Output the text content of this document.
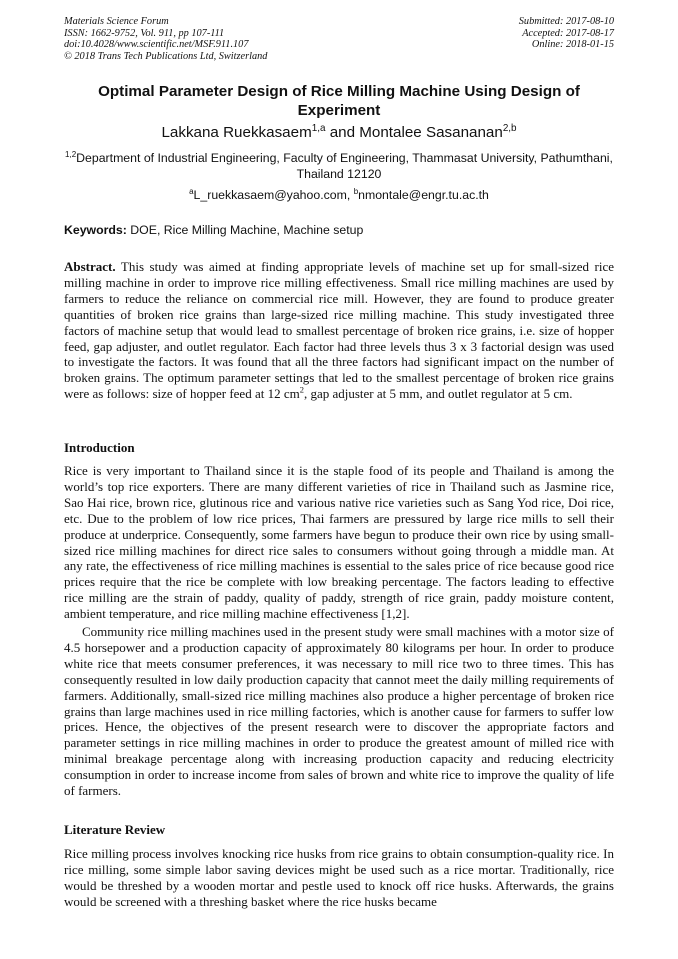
Materials Science Forum
ISSN: 1662-9752, Vol. 911, pp 107-111
doi:10.4028/www.scientific.net/MSF.911.107
© 2018 Trans Tech Publications Ltd, Switzerland
Submitted: 2017-08-10
Accepted: 2017-08-17
Online: 2018-01-15
Optimal Parameter Design of Rice Milling Machine Using Design of Experiment
Lakkana Ruekkasaem$^{1,a}$ and Montalee Sasananan$^{2,b}$
$^{1,2}$Department of Industrial Engineering, Faculty of Engineering, Thammasat University, Pathumthani, Thailand 12120
$^a$L_ruekkasaem@yahoo.com, $^b$nmontale@engr.tu.ac.th
Keywords: DOE, Rice Milling Machine, Machine setup
Abstract. This study was aimed at finding appropriate levels of machine set up for small-sized rice milling machine in order to improve rice milling effectiveness. Small rice milling machines are used by farmers to reduce the reliance on commercial rice mill. However, they are found to produce greater quantities of broken rice grains than large-sized rice milling machine. This study investigated three factors of machine setup that would lead to smallest percentage of broken rice grains, i.e. size of hopper feed, gap adjuster, and outlet regulator. Each factor had three levels thus 3 x 3 factorial design was used to investigate the factors. It was found that all the three factors had significant impact on the number of broken grains. The optimum parameter settings that led to the smallest percentage of broken rice grains were as follows: size of hopper feed at 12 $cm^2$, gap adjuster at 5 mm, and outlet regulator at 5 cm.
Introduction
Rice is very important to Thailand since it is the staple food of its people and Thailand is among the world’s top rice exporters. There are many different varieties of rice in Thailand such as Jasmine rice, Sao Hai rice, brown rice, glutinous rice and various native rice varieties such as Sang Yod rice, Doi rice, etc. Due to the problem of low rice prices, Thai farmers are pressured by large rice mills to sell their produce at underprice. Consequently, some farmers have begun to produce their own rice by using small-sized rice milling machines for direct rice sales to consumers without going through a middle man. At any rate, the effectiveness of rice milling machines is essential to the sales price of rice because good rice prices require that the rice be complete with low breaking percentage. The factors leading to effective rice milling are the strain of paddy, quality of paddy, strength of rice grain, paddy moisture content, ambient temperature, and rice milling machine effectiveness [1,2].
Community rice milling machines used in the present study were small machines with a motor size of 4.5 horsepower and a production capacity of approximately 80 kilograms per hour. In order to produce white rice that meets consumer preferences, it was necessary to mill rice two to three times. This has consequently resulted in low daily production capacity that cannot meet the daily milling requirements of farmers. Additionally, small-sized rice milling machines also produce a higher percentage of broken rice grains than large machines used in rice milling factories, which is another cause for farmers to suffer low prices. Hence, the objectives of the present research were to discover the appropriate factors and parameter settings in rice milling machines in order to produce the greatest amount of milled rice with minimal breakage percentage along with increasing production capacity and reducing electricity consumption in order to increase income from sales of brown and white rice to improve the quality of life of farmers.
Literature Review
Rice milling process involves knocking rice husks from rice grains to obtain consumption-quality rice. In rice milling, some simple labor saving devices might be used such as a rice mortar. Traditionally, rice would be threshed by a wooden mortar and pestle used to knock off rice husks. Afterwards, the grains would be screened with a threshing basket where the rice husks became
